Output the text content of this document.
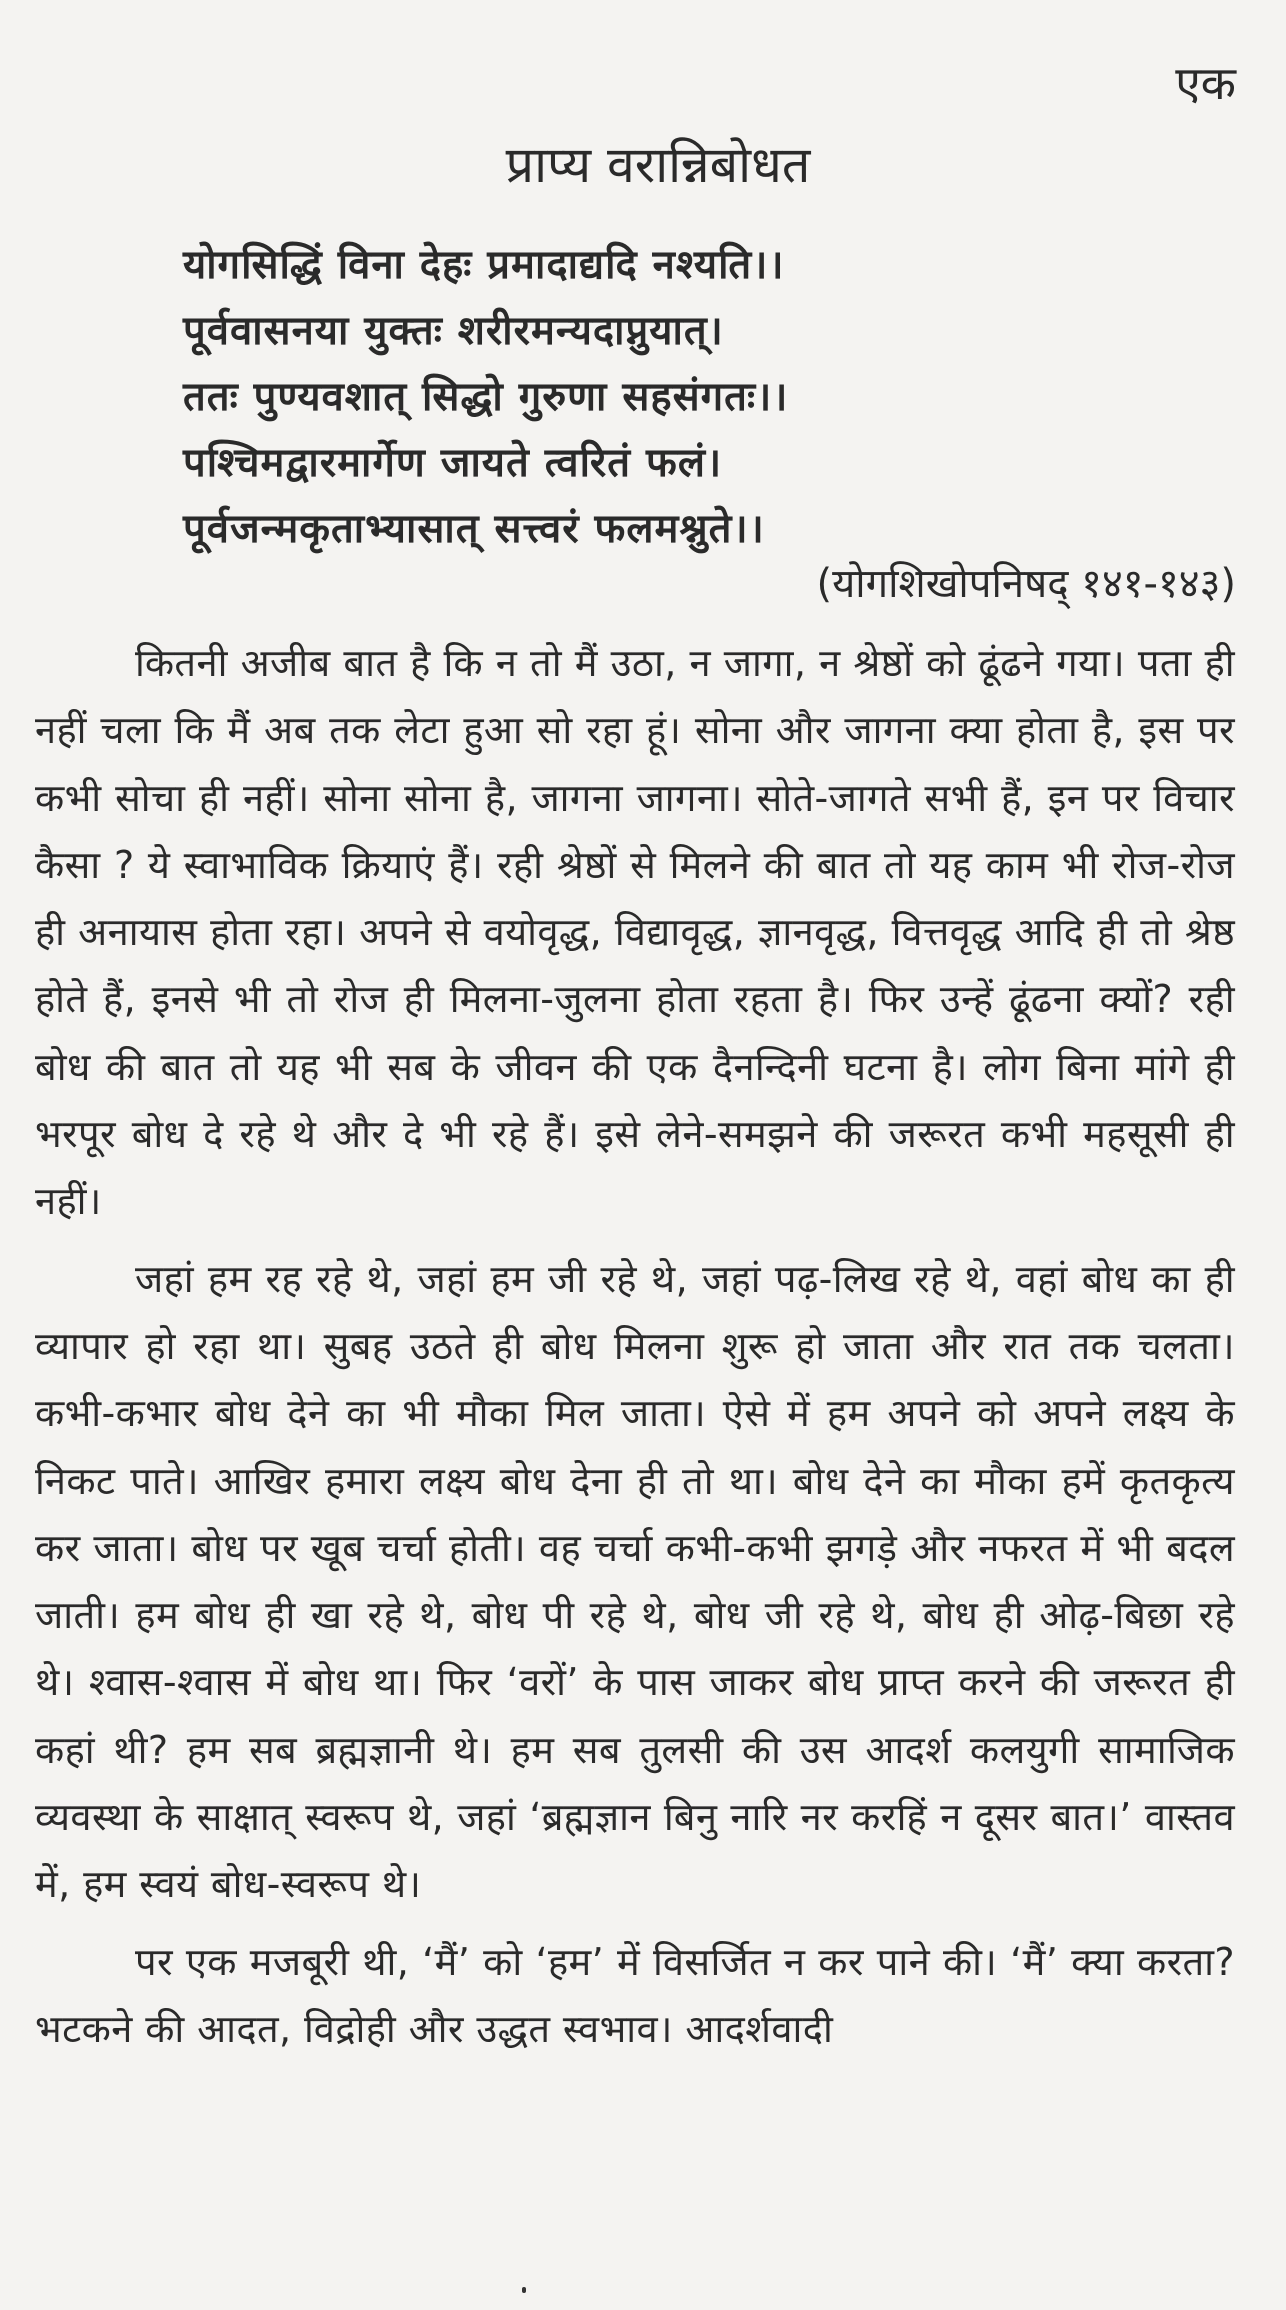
एक
प्राप्य वरान्निबोधत
योगसिद्धिं विना देहः प्रमादाद्यदि नश्यति।।
पूर्ववासनया युक्तः शरीरमन्यदाप्नुयात्।
ततः पुण्यवशात् सिद्धो गुरुणा सहसंगतः।।
पश्चिमद्वारमार्गेण जायते त्वरितं फलं।
पूर्वजन्मकृताभ्यासात् सत्त्वरं फलमश्नुते।।
(योगशिखोपनिषद् १४१-१४३)

कितनी अजीब बात है कि न तो मैं उठा, न जागा, न श्रेष्ठों को ढूंढने गया। पता ही नहीं चला कि मैं अब तक लेटा हुआ सो रहा हूं। सोना और जागना क्या होता है, इस पर कभी सोचा ही नहीं। सोना सोना है, जागना जागना। सोते-जागते सभी हैं, इन पर विचार कैसा ? ये स्वाभाविक क्रियाएं हैं। रही श्रेष्ठों से मिलने की बात तो यह काम भी रोज-रोज ही अनायास होता रहा। अपने से वयोवृद्ध, विद्यावृद्ध, ज्ञानवृद्ध, वित्तवृद्ध आदि ही तो श्रेष्ठ होते हैं, इनसे भी तो रोज ही मिलना-जुलना होता रहता है। फिर उन्हें ढूंढना क्यों? रही बोध की बात तो यह भी सब के जीवन की एक दैनन्दिनी घटना है। लोग बिना मांगे ही भरपूर बोध दे रहे थे और दे भी रहे हैं। इसे लेने-समझने की जरूरत कभी महसूसी ही नहीं।

जहां हम रह रहे थे, जहां हम जी रहे थे, जहां पढ़-लिख रहे थे, वहां बोध का ही व्यापार हो रहा था। सुबह उठते ही बोध मिलना शुरू हो जाता और रात तक चलता। कभी-कभार बोध देने का भी मौका मिल जाता। ऐसे में हम अपने को अपने लक्ष्य के निकट पाते। आखिर हमारा लक्ष्य बोध देना ही तो था। बोध देने का मौका हमें कृतकृत्य कर जाता। बोध पर खूब चर्चा होती। वह चर्चा कभी-कभी झगड़े और नफरत में भी बदल जाती। हम बोध ही खा रहे थे, बोध पी रहे थे, बोध जी रहे थे, बोध ही ओढ़-बिछा रहे थे। श्वास-श्वास में बोध था। फिर ‘वरों’ के पास जाकर बोध प्राप्त करने की जरूरत ही कहां थी? हम सब ब्रह्मज्ञानी थे। हम सब तुलसी की उस आदर्श कलयुगी सामाजिक व्यवस्था के साक्षात् स्वरूप थे, जहां ‘ब्रह्मज्ञान बिनु नारि नर करहिं न दूसर बात।’ वास्तव में, हम स्वयं बोध-स्वरूप थे।

पर एक मजबूरी थी, ‘मैं’ को ‘हम’ में विसर्जित न कर पाने की। ‘मैं’ क्या करता? भटकने की आदत, विद्रोही और उद्धत स्वभाव। आदर्शवादी
